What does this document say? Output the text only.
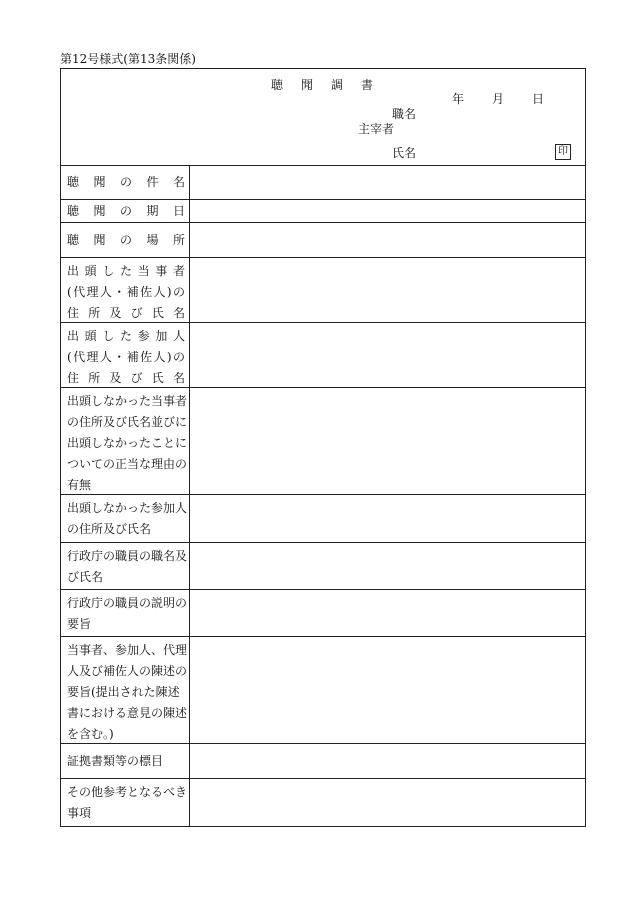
第12号様式(第13条関係)
聴聞調書
年 月 日
職名
主宰者
氏名	印
聴聞の件名
聴聞の期日
聴聞の場所
出頭した当事者
(代理人・補佐人)の
住所及び氏名
出頭した参加人
(代理人・補佐人)の
住所及び氏名
出頭しなかった当事者
の住所及び氏名並びに
出頭しなかったことに
ついての正当な理由の
有無
出頭しなかった参加人
の住所及び氏名
行政庁の職員の職名及
び氏名
行政庁の職員の説明の
要旨
当事者、参加人、代理
人及び補佐人の陳述の
要旨(提出された陳述
書における意見の陳述
を含む。)
証拠書類等の標目
その他参考となるべき
事項
